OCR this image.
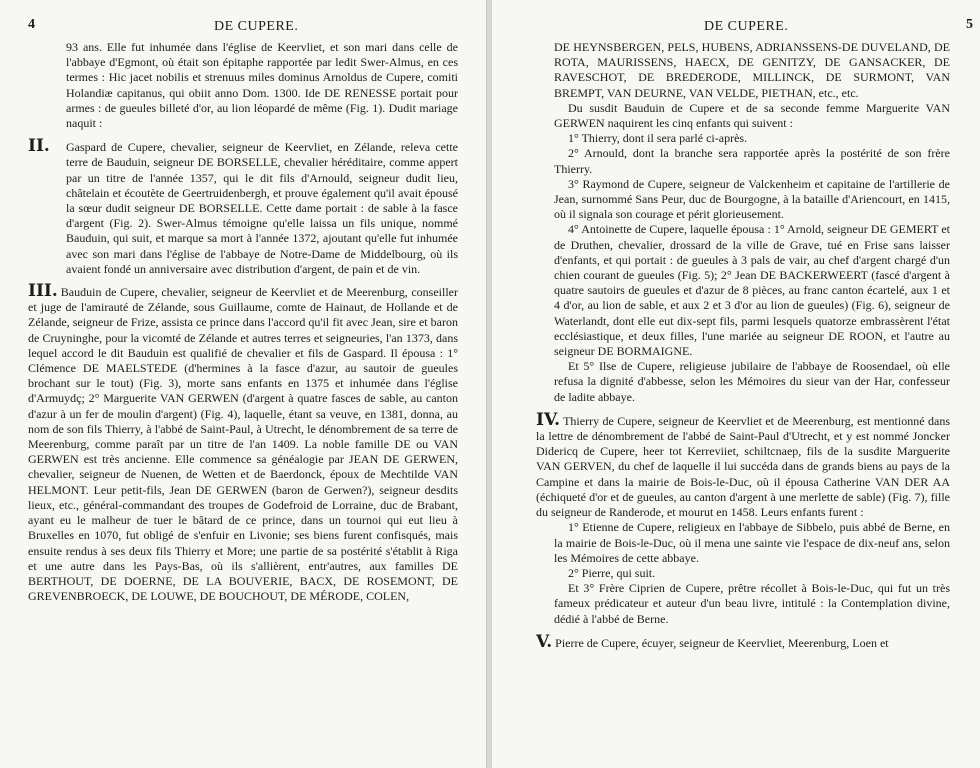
4	DE CUPERE.

93 ans. Elle fut inhumée dans l'église de Keervliet, et son mari dans celle de l'abbaye d'Egmont, où était son épitaphe rapportée par ledit Swer-Almus, en ces termes : Hic jacet nobilis et strenuus miles dominus Arnoldus de Cupere, comiti Holandiæ capitanus, qui obiit anno Dom. 1300. Ide DE RENESSE portait pour armes : de gueules billeté d'or, au lion léopardé de même (Fig. 1). Dudit mariage naquit :

II. Gaspard de Cupere, chevalier, seigneur de Keervliet, en Zélande, releva cette terre de Bauduin, seigneur DE BORSELLE, chevalier héréditaire, comme appert par un titre de l'année 1357, qui le dit fils d'Arnould, seigneur dudit lieu, châtelain et écoutète de Geertruidenbergh, et prouve également qu'il avait épousé la sœur dudit seigneur DE BORSELLE. Cette dame portait : de sable à la fasce d'argent (Fig. 2). Swer-Almus témoigne qu'elle laissa un fils unique, nommé Bauduin, qui suit, et marque sa mort à l'année 1372, ajoutant qu'elle fut inhumée avec son mari dans l'église de l'abbaye de Notre-Dame de Middelbourg, où ils avaient fondé un anniversaire avec distribution d'argent, de pain et de vin.

III. Bauduin de Cupere, chevalier, seigneur de Keervliet et de Meerenburg, conseiller et juge de l'amirauté de Zélande, sous Guillaume, comte de Hainaut, de Hollande et de Zélande, seigneur de Frize, assista ce prince dans l'accord qu'il fit avec Jean, sire et baron de Cruyninghe, pour la vicomté de Zélande et autres terres et seigneuries, l'an 1373, dans lequel accord le dit Bauduin est qualifié de chevalier et fils de Gaspard. Il épousa : 1° Clémence DE MAELSTEDE (d'hermines à la fasce d'azur, au sautoir de gueules brochant sur le tout) (Fig. 3), morte sans enfants en 1375 et inhumée dans l'église d'Armuydç; 2° Marguerite VAN GERWEN (d'argent à quatre fasces de sable, au canton d'azur à un fer de moulin d'argent) (Fig. 4), laquelle, étant sa veuve, en 1381, donna, au nom de son fils Thierry, à l'abbé de Saint-Paul, à Utrecht, le dénombrement de sa terre de Meerenburg, comme paraît par un titre de l'an 1409. La noble famille DE ou VAN GERWEN est très ancienne. Elle commence sa généalogie par JEAN DE GERWEN, chevalier, seigneur de Nuenen, de Wetten et de Baerdonck, époux de Mechtilde VAN HELMONT. Leur petit-fils, Jean DE GERWEN (baron de Gerwen?), seigneur desdits lieux, etc., général-commandant des troupes de Godefroid de Lorraine, duc de Brabant, ayant eu le malheur de tuer le bâtard de ce prince, dans un tournoi qui eut lieu à Bruxelles en 1070, fut obligé de s'enfuir en Livonie; ses biens furent confisqués, mais ensuite rendus à ses deux fils Thierry et More; une partie de sa postérité s'établit à Riga et une autre dans les Pays-Bas, où ils s'allièrent, entr'autres, aux familles DE BERTHOUT, DE DOERNE, DE LA BOUVERIE, BACX, DE ROSEMONT, DE GREVENBROECK, DE LOUWE, DE BOUCHOUT, DE MÉRODE, COLEN,

DE CUPERE.	5

DE HEYNSBERGEN, PELS, HUBENS, ADRIANSSENS-DE DUVELAND, DE ROTA, MAURISSENS, HAECX, DE GENITZY, DE GANSACKER, DE RAVESCHOT, DE BREDERODE, MILLINCK, DE SURMONT, VAN BREMPT, VAN DEURNE, VAN VELDE, PIETHAN, etc., etc.

Du susdit Bauduin de Cupere et de sa seconde femme Marguerite VAN GERWEN naquirent les cinq enfants qui suivent :

1° Thierry, dont il sera parlé ci-après.

2° Arnould, dont la branche sera rapportée après la postérité de son frère Thierry.

3° Raymond de Cupere, seigneur de Valckenheim et capitaine de l'artillerie de Jean, surnommé Sans Peur, duc de Bourgogne, à la bataille d'Ariencourt, en 1415, où il signala son courage et périt glorieusement.

4° Antoinette de Cupere, laquelle épousa : 1° Arnold, seigneur DE GEMERT et de Druthen, chevalier, drossard de la ville de Grave, tué en Frise sans laisser d'enfants, et qui portait : de gueules à 3 pals de vair, au chef d'argent chargé d'un chien courant de gueules (Fig. 5); 2° Jean DE BACKERWEERT (fascé d'argent à quatre sautoirs de gueules et d'azur de 8 pièces, au franc canton écartelé, aux 1 et 4 d'or, au lion de sable, et aux 2 et 3 d'or au lion de gueules) (Fig. 6), seigneur de Waterlandt, dont elle eut dix-sept fils, parmi lesquels quatorze embrassèrent l'état ecclésiastique, et deux filles, l'une mariée au seigneur DE ROON, et l'autre au seigneur DE BORMAIGNE.

Et 5° Ilse de Cupere, religieuse jubilaire de l'abbaye de Roosendael, où elle refusa la dignité d'abbesse, selon les Mémoires du sieur van der Har, confesseur de ladite abbaye.

IV. Thierry de Cupere, seigneur de Keervliet et de Meerenburg, est mentionné dans la lettre de dénombrement de l'abbé de Saint-Paul d'Utrecht, et y est nommé Joncker Didericq de Cupere, heer tot Kerreviiet, schiltcnaep, fils de la susdite Marguerite VAN GERVEN, du chef de laquelle il lui succéda dans de grands biens au pays de la Campine et dans la mairie de Bois-le-Duc, où il épousa Catherine VAN DER AA (échiqueté d'or et de gueules, au canton d'argent à une merlette de sable) (Fig. 7), fille du seigneur de Randerode, et mourut en 1458. Leurs enfants furent :

1° Etienne de Cupere, religieux en l'abbaye de Sibbelo, puis abbé de Berne, en la mairie de Bois-le-Duc, où il mena une sainte vie l'espace de dix-neuf ans, selon les Mémoires de cette abbaye.

2° Pierre, qui suit.

Et 3° Frère Ciprien de Cupere, prêtre récollet à Bois-le-Duc, qui fut un très fameux prédicateur et auteur d'un beau livre, intitulé : la Contemplation divine, dédié à l'abbé de Berne.

V. Pierre de Cupere, écuyer, seigneur de Keervliet, Meerenburg, Loen et
